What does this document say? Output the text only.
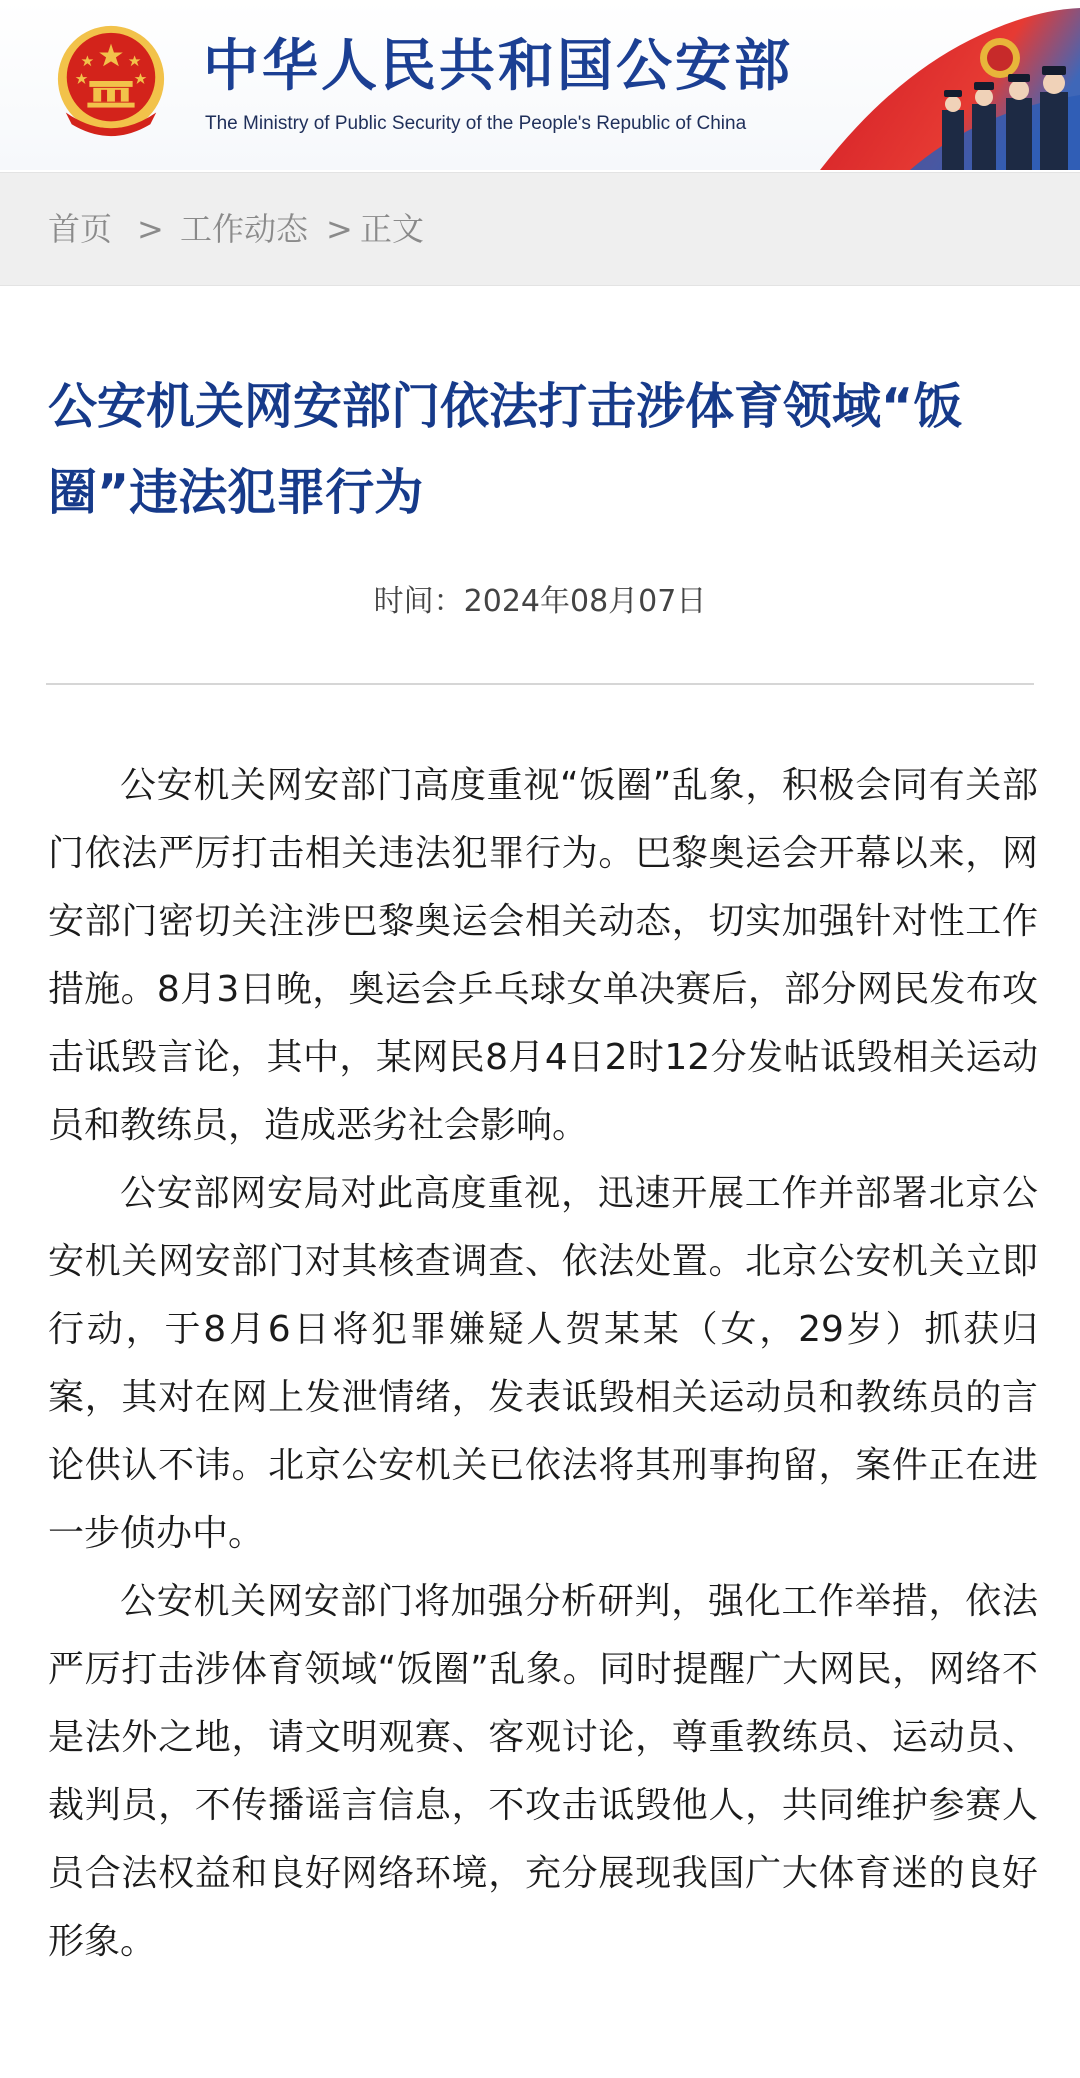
中华人民共和国公安部
The Ministry of Public Security of the People's Republic of China
首页 > 工作动态 > 正文
公安机关网安部门依法打击涉体育领域“饭圈”违法犯罪行为
时间：2024年08月07日

公安机关网安部门高度重视“饭圈”乱象，积极会同有关部门依法严厉打击相关违法犯罪行为。巴黎奥运会开幕以来，网安部门密切关注涉巴黎奥运会相关动态，切实加强针对性工作措施。8月3日晚，奥运会乒乓球女单决赛后，部分网民发布攻击诋毁言论，其中，某网民8月4日2时12分发帖诋毁相关运动员和教练员，造成恶劣社会影响。

公安部网安局对此高度重视，迅速开展工作并部署北京公安机关网安部门对其核查调查、依法处置。北京公安机关立即行动，于8月6日将犯罪嫌疑人贺某某（女，29岁）抓获归案，其对在网上发泄情绪，发表诋毁相关运动员和教练员的言论供认不讳。北京公安机关已依法将其刑事拘留，案件正在进一步侦办中。

公安机关网安部门将加强分析研判，强化工作举措，依法严厉打击涉体育领域“饭圈”乱象。同时提醒广大网民，网络不是法外之地，请文明观赛、客观讨论，尊重教练员、运动员、裁判员，不传播谣言信息，不攻击诋毁他人，共同维护参赛人员合法权益和良好网络环境，充分展现我国广大体育迷的良好形象。
